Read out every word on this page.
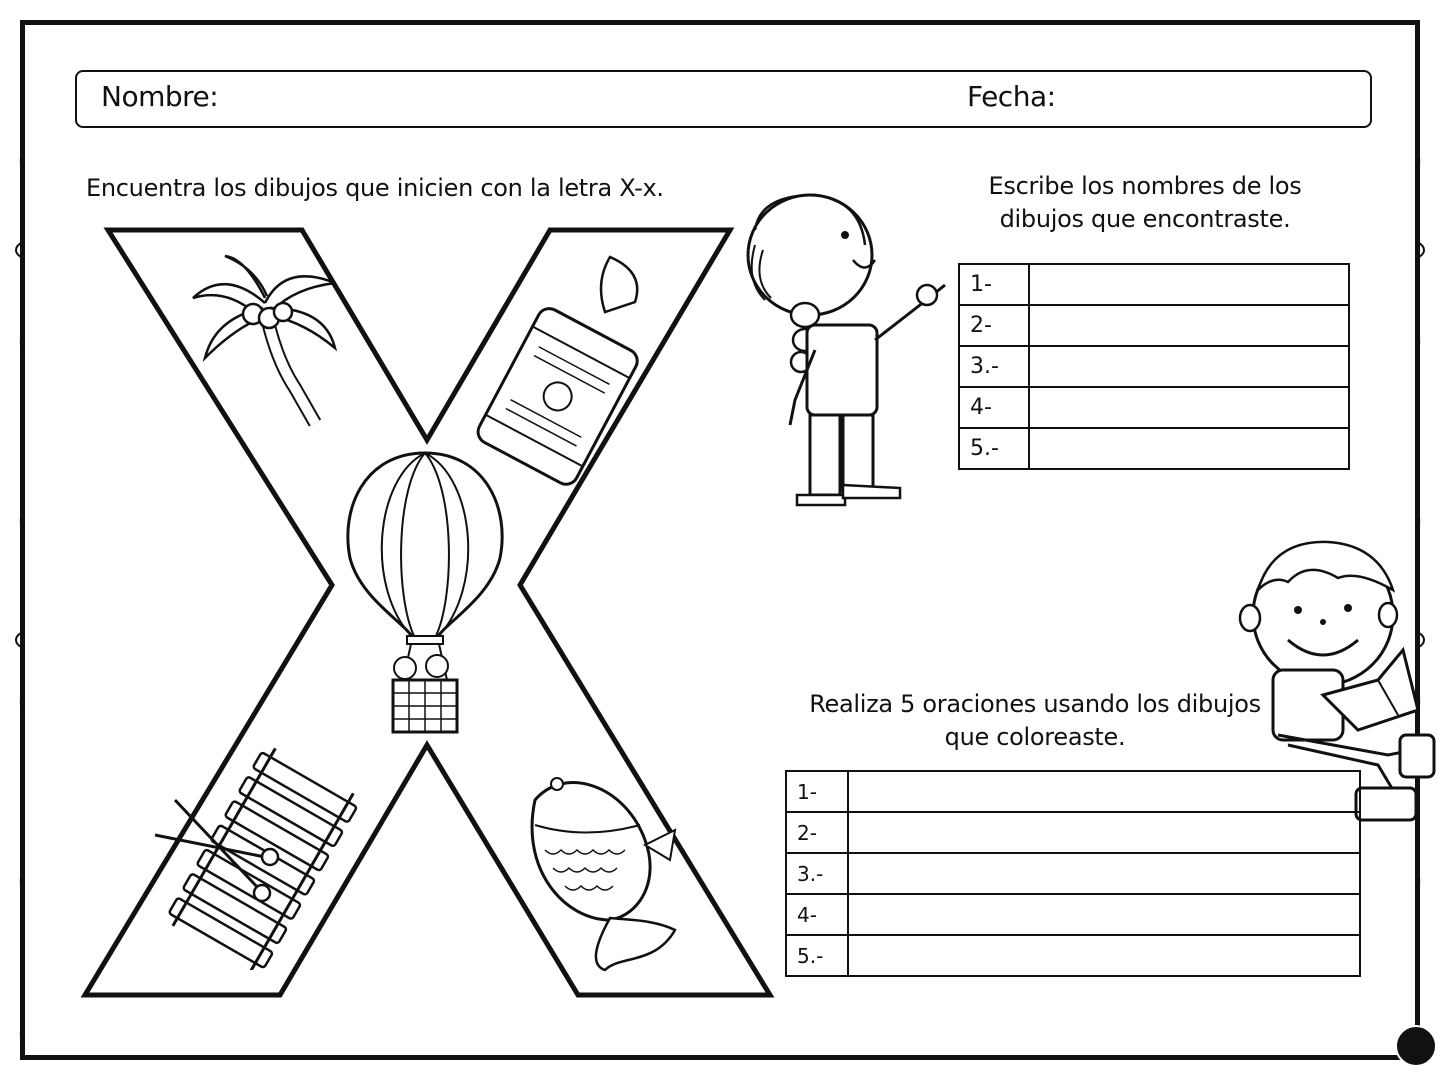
Nombre:	Fecha:
Encuentra los dibujos que inicien con la letra X-x.	Escribe los nombres de los dibujos que encontraste.
Realiza 5 oraciones usando los dibujos que coloreaste.
1-	
2-	
3.-	
4-	
5.-	
1-	
2-	
3.-	
4-	
5.-	
